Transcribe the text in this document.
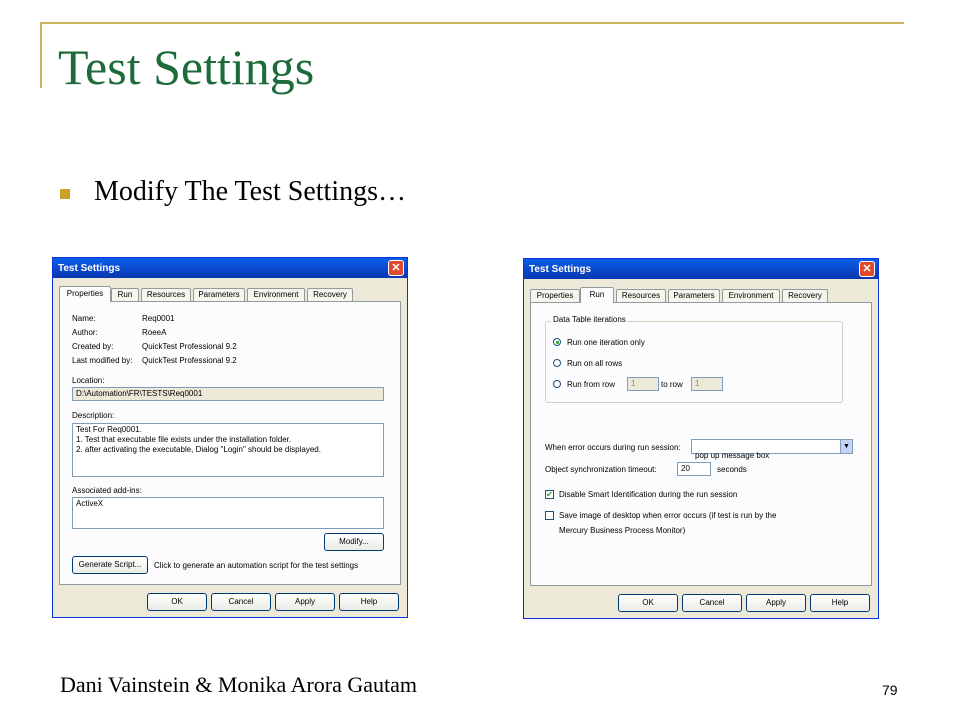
Test Settings
Modify The Test Settings…
Test Settings	✕
Properties	Run	Resources	Parameters	Environment	Recovery
Name:	Req0001
Author:	RoeeA
Created by:	QuickTest Professional 9.2
Last modified by: QuickTest Professional 9.2
Location:
D:\Automation\FR\TESTS\Req0001
Description:
Test For Req0001.
1. Test that executable file exists under the installation folder.
2. after activating the executable, Dialog "Login" should be displayed.
Associated add-ins:
ActiveX
Modify...
Generate Script...	Click to generate an automation script for the test settings
OK	Cancel	Apply	Help
Test Settings	✕
Properties	Run	Resources	Parameters	Environment	Recovery
Data Table iterations
Run one iteration only
Run on all rows
Run from row	1	to row	1
When error occurs during run session:

pop up message box

▼

Object synchronization timeout:	20	seconds
✔ Disable Smart Identification during the run session
Save image of desktop when error occurs (if test is run by the
Mercury Business Process Monitor)
OK	Cancel	Apply	Help
Dani Vainstein & Monika Arora Gautam	79
